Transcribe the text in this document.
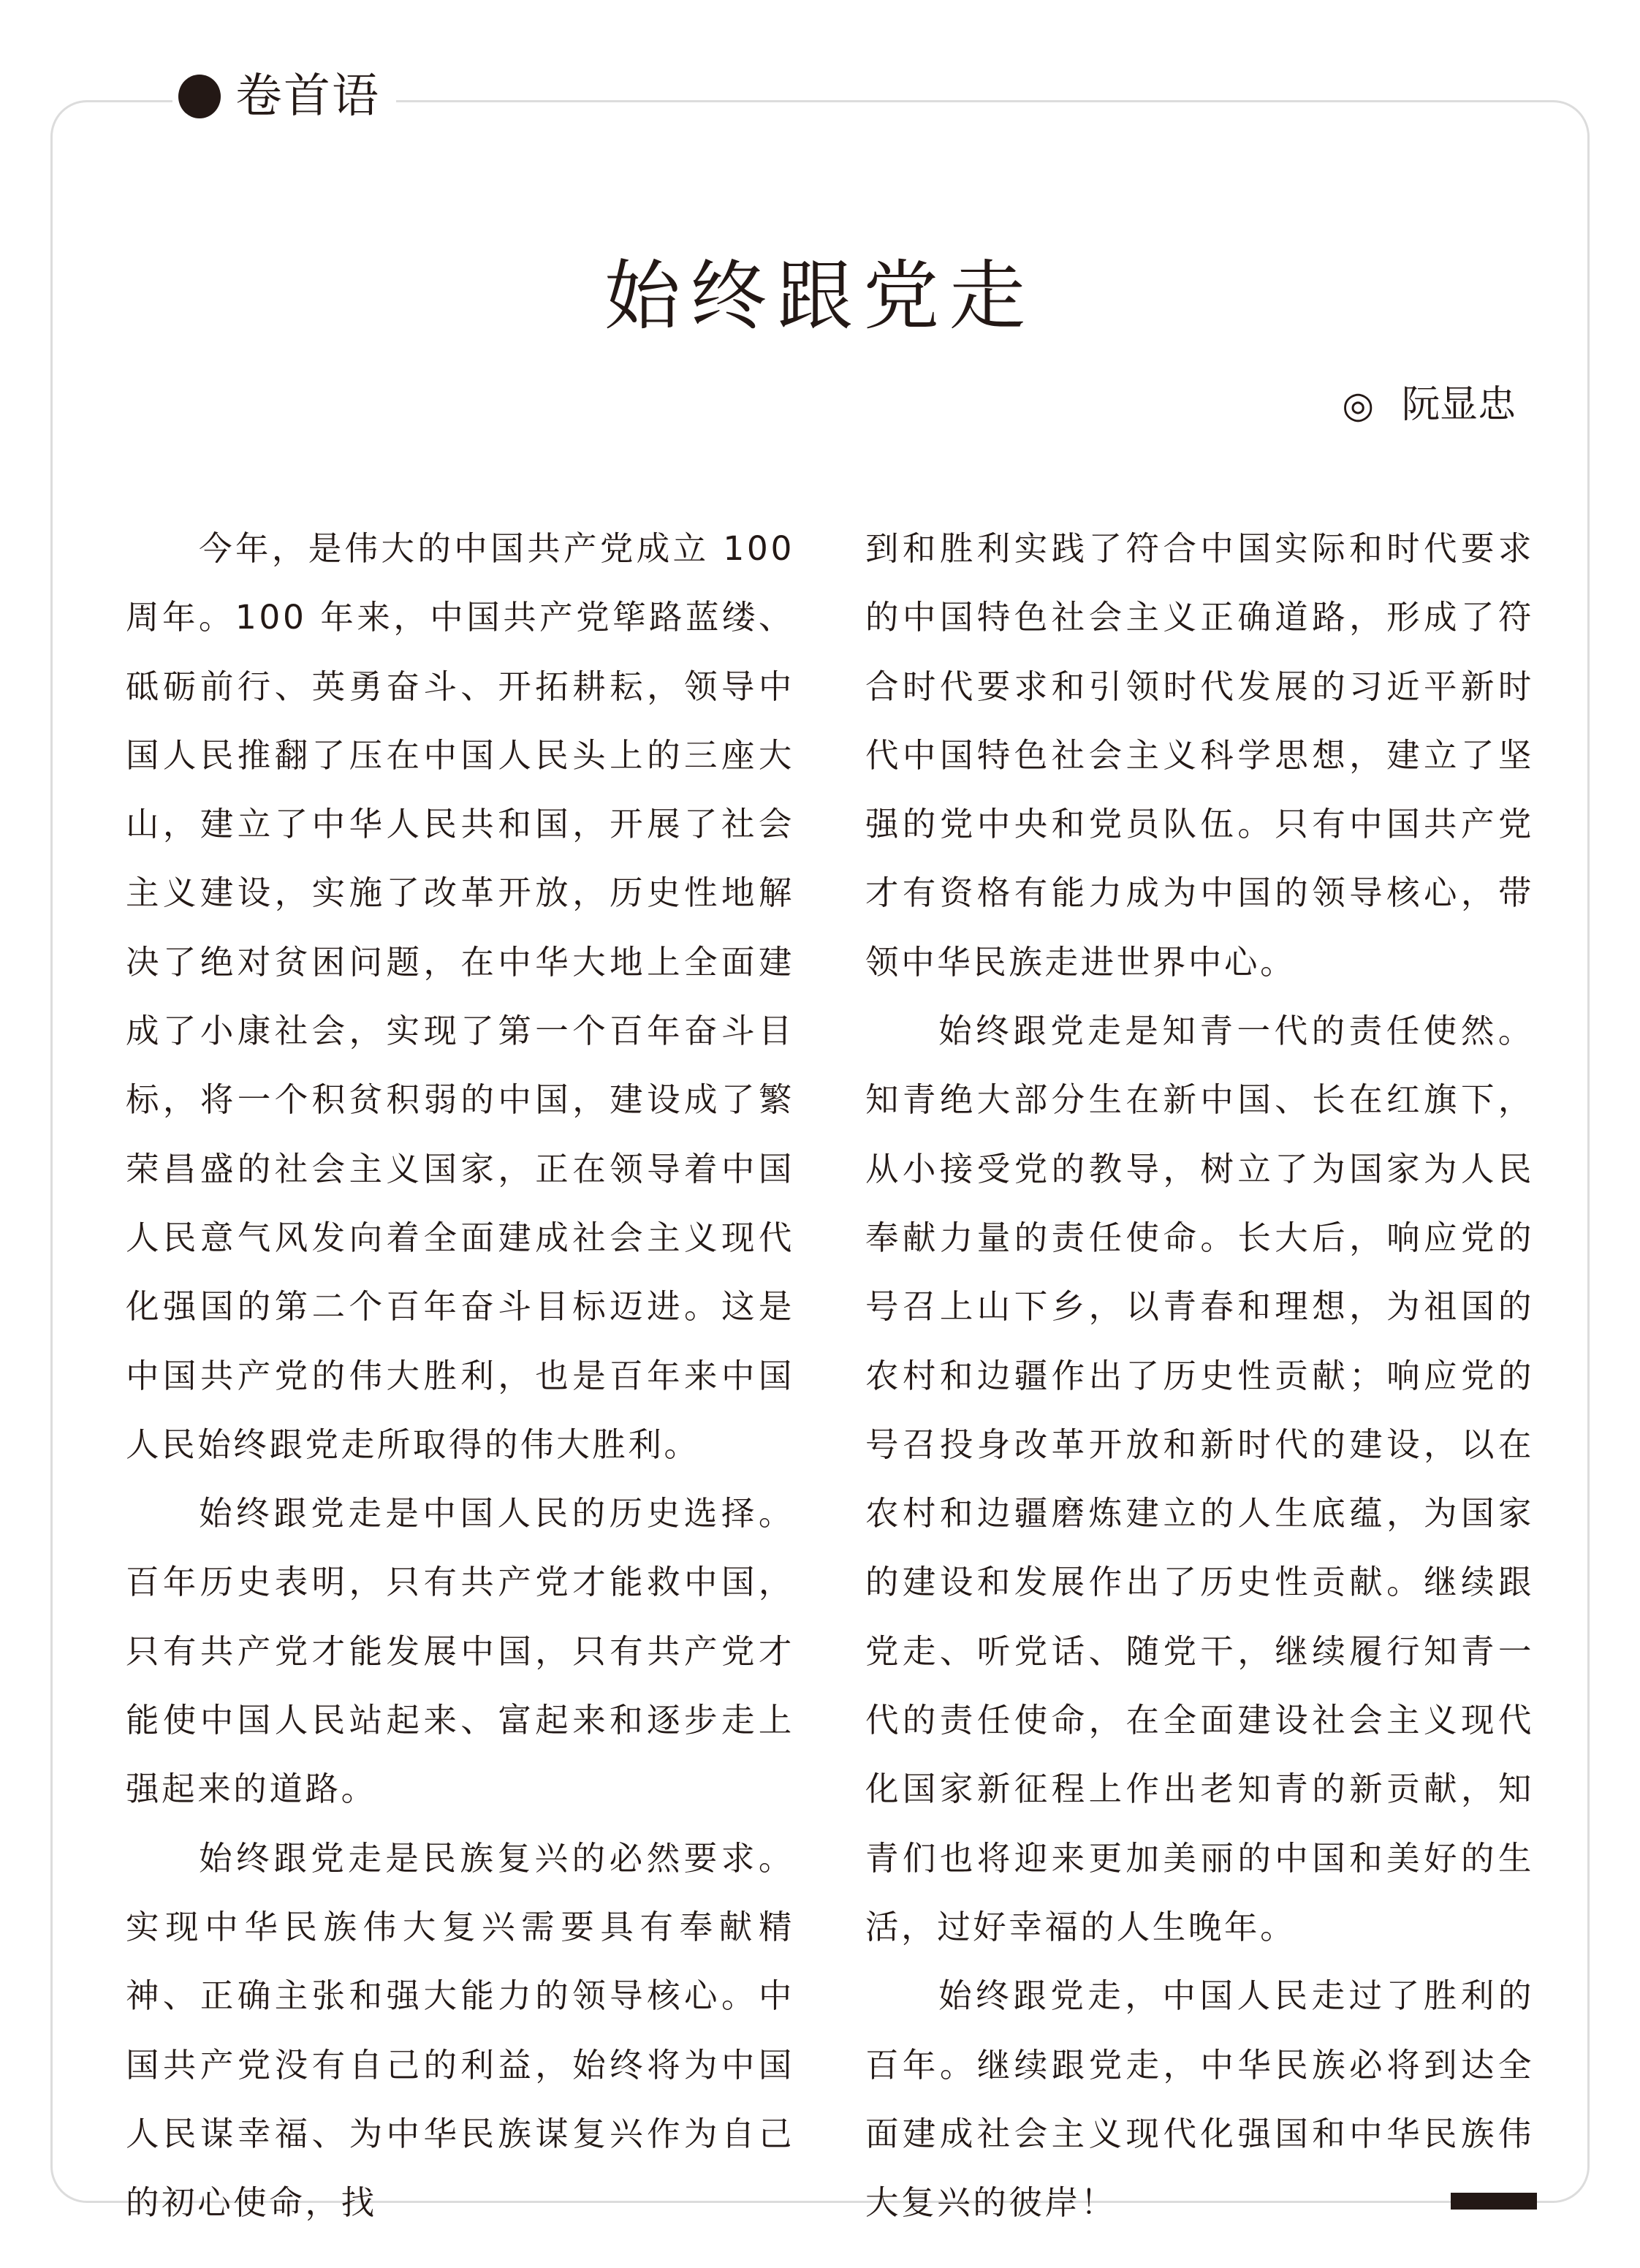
卷首语
始终跟党走
◎ 阮显忠

今年，是伟大的中国共产党成立 100 周年。100 年来，中国共产党筚路蓝缕、砥砺前行、英勇奋斗、开拓耕耘，领导中国人民推翻了压在中国人民头上的三座大山，建立了中华人民共和国，开展了社会主义建设，实施了改革开放，历史性地解决了绝对贫困问题，在中华大地上全面建成了小康社会，实现了第一个百年奋斗目标，将一个积贫积弱的中国，建设成了繁荣昌盛的社会主义国家，正在领导着中国人民意气风发向着全面建成社会主义现代化强国的第二个百年奋斗目标迈进。这是中国共产党的伟大胜利，也是百年来中国人民始终跟党走所取得的伟大胜利。

始终跟党走是中国人民的历史选择。百年历史表明，只有共产党才能救中国，只有共产党才能发展中国，只有共产党才能使中国人民站起来、富起来和逐步走上强起来的道路。

始终跟党走是民族复兴的必然要求。实现中华民族伟大复兴需要具有奉献精神、正确主张和强大能力的领导核心。中国共产党没有自己的利益，始终将为中国人民谋幸福、为中华民族谋复兴作为自己的初心使命，找

到和胜利实践了符合中国实际和时代要求的中国特色社会主义正确道路，形成了符合时代要求和引领时代发展的习近平新时代中国特色社会主义科学思想，建立了坚强的党中央和党员队伍。只有中国共产党才有资格有能力成为中国的领导核心，带领中华民族走进世界中心。

始终跟党走是知青一代的责任使然。知青绝大部分生在新中国、长在红旗下，从小接受党的教导，树立了为国家为人民奉献力量的责任使命。长大后，响应党的号召上山下乡，以青春和理想，为祖国的农村和边疆作出了历史性贡献；响应党的号召投身改革开放和新时代的建设，以在农村和边疆磨炼建立的人生底蕴，为国家的建设和发展作出了历史性贡献。继续跟党走、听党话、随党干，继续履行知青一代的责任使命，在全面建设社会主义现代化国家新征程上作出老知青的新贡献，知青们也将迎来更加美丽的中国和美好的生活，过好幸福的人生晚年。

始终跟党走，中国人民走过了胜利的百年。继续跟党走，中华民族必将到达全面建成社会主义现代化强国和中华民族伟大复兴的彼岸！
